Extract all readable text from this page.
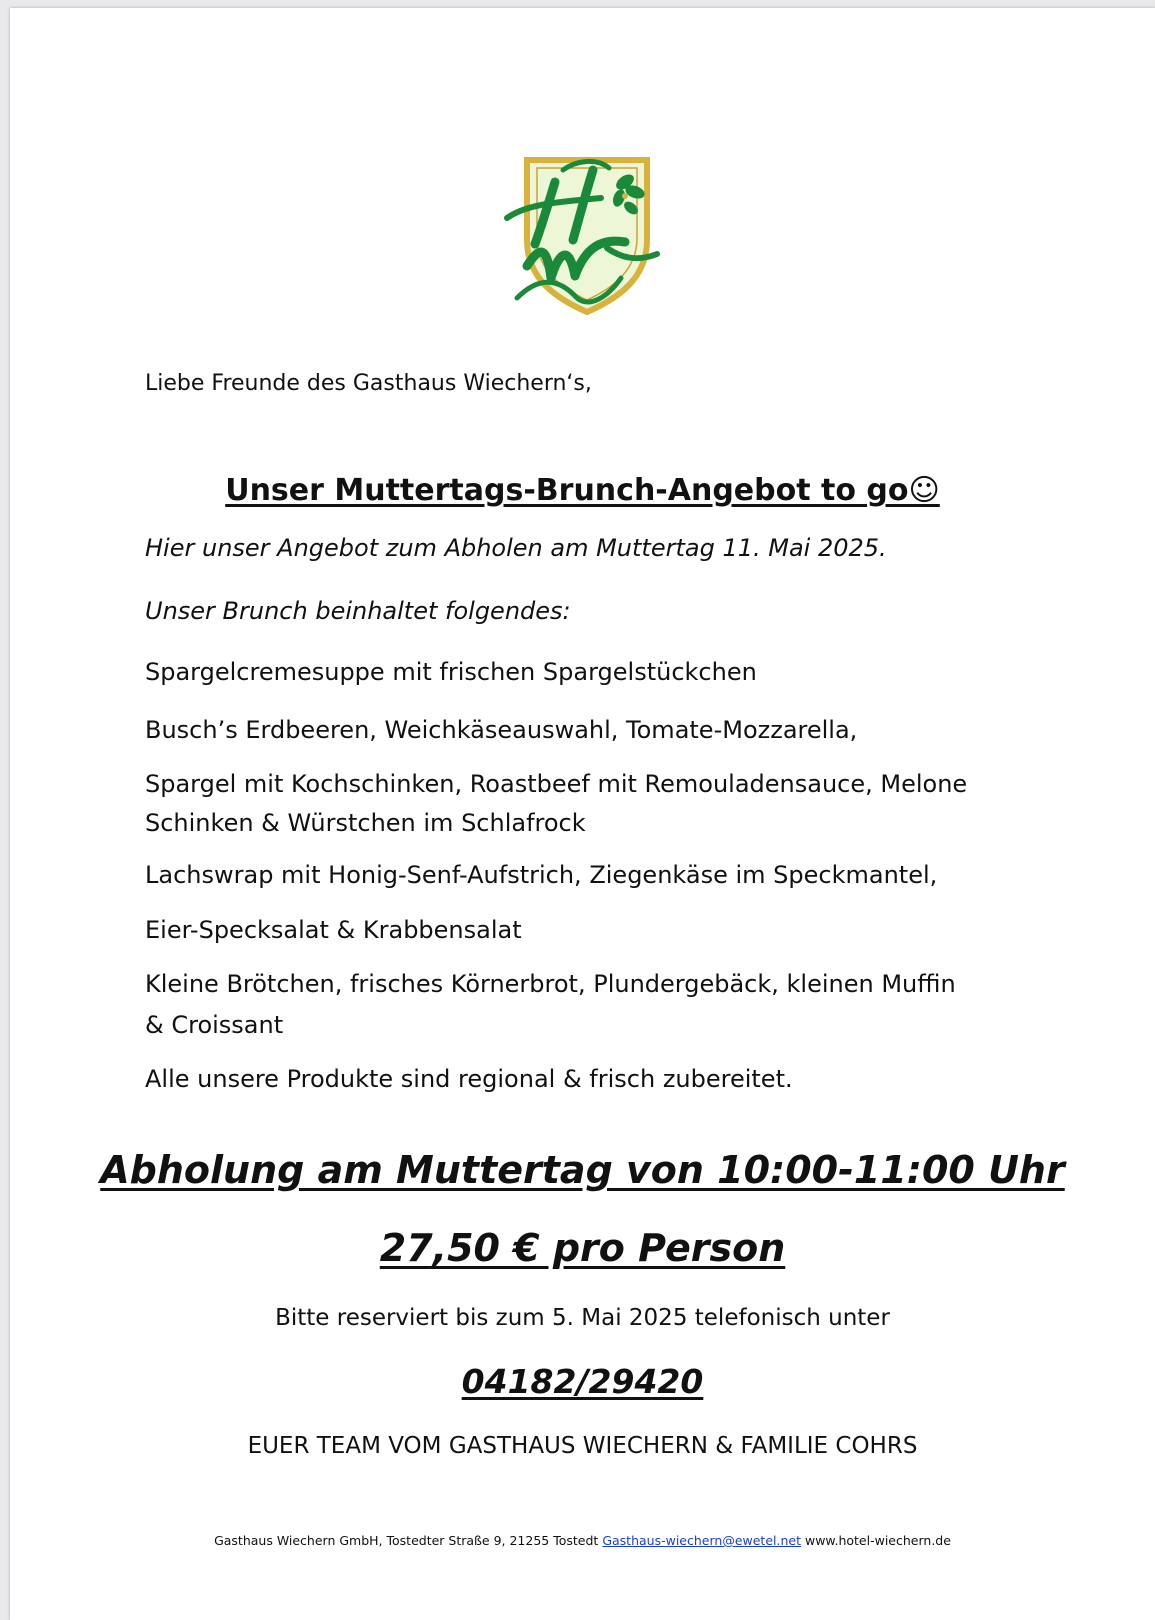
Liebe Freunde des Gasthaus Wiechern‘s,
Unser Muttertags-Brunch-Angebot to go☺
Hier unser Angebot zum Abholen am Muttertag 11. Mai 2025.
Unser Brunch beinhaltet folgendes:
Spargelcremesuppe mit frischen Spargelstückchen
Busch’s Erdbeeren, Weichkäseauswahl, Tomate-Mozzarella,
Spargel mit Kochschinken, Roastbeef mit Remouladensauce, Melone
Schinken & Würstchen im Schlafrock
Lachswrap mit Honig-Senf-Aufstrich, Ziegenkäse im Speckmantel,
Eier-Specksalat & Krabbensalat
Kleine Brötchen, frisches Körnerbrot, Plundergebäck, kleinen Muffin
& Croissant
Alle unsere Produkte sind regional & frisch zubereitet.
Abholung am Muttertag von 10:00-11:00 Uhr
27,50 € pro Person
Bitte reserviert bis zum 5. Mai 2025 telefonisch unter
04182/29420
EUER TEAM VOM GASTHAUS WIECHERN & FAMILIE COHRS
Gasthaus Wiechern GmbH, Tostedter Straße 9, 21255 Tostedt Gasthaus-wiechern@ewetel.net www.hotel-wiechern.de
